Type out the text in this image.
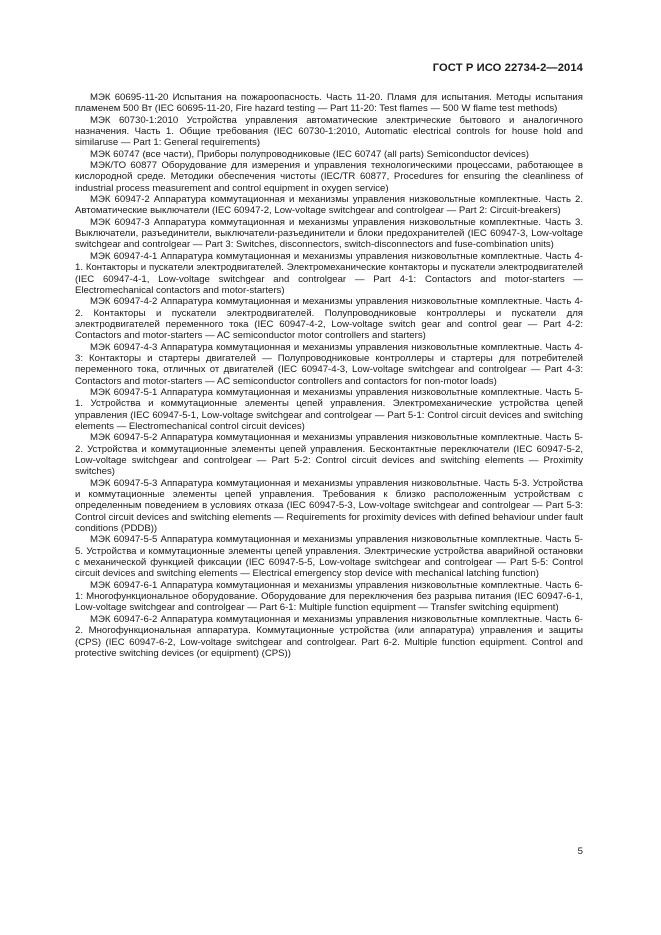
ГОСТ Р ИСО 22734-2—2014

МЭК 60695-11-20 Испытания на пожароопасность. Часть 11-20. Пламя для испытания. Методы испытания пламенем 500 Вт (IEC 60695-11-20, Fire hazard testing — Part 11-20: Test flames — 500 W flame test methods)

МЭК 60730-1:2010 Устройства управления автоматические электрические бытового и аналогичного назначения. Часть 1. Общие требования (IEC 60730-1:2010, Automatic electrical controls for house hold and similaruse — Part 1: General requirements)

МЭК 60747 (все части), Приборы полупроводниковые (IEC 60747 (all parts) Semiconductor devices)

МЭК/ТО 60877 Оборудование для измерения и управления технологическими процессами, работающее в кислородной среде. Методики обеспечения чистоты (IEC/TR 60877, Procedures for ensuring the cleanliness of industrial process measurement and control equipment in oxygen service)

МЭК 60947-2 Аппаратура коммутационная и механизмы управления низковольтные комплектные. Часть 2. Автоматические выключатели (IEC 60947-2, Low-voltage switchgear and controlgear — Part 2: Circuit-breakers)

МЭК 60947-3 Аппаратура коммутационная и механизмы управления низковольтные комплектные. Часть 3. Выключатели, разъединители, выключатели-разъединители и блоки предохранителей (IEC 60947-3, Low-voltage switchgear and controlgear — Part 3: Switches, disconnectors, switch-disconnectors and fuse-combination units)

МЭК 60947-4-1 Аппаратура коммутационная и механизмы управления низковольтные комплектные. Часть 4-1. Контакторы и пускатели электродвигателей. Электромеханические контакторы и пускатели электродвигателей (IEC 60947-4-1, Low-voltage switchgear and controlgear — Part 4-1: Contactors and motor-starters — Electromechanical contactors and motor-starters)

МЭК 60947-4-2 Аппаратура коммутационная и механизмы управления низковольтные комплектные. Часть 4-2. Контакторы и пускатели электродвигателей. Полупроводниковые контроллеры и пускатели для электродвигателей переменного тока (IEC 60947-4-2, Low-voltage switch gear and control gear — Part 4-2: Contactors and motor-starters — AC semiconductor motor controllers and starters)

МЭК 60947-4-3 Аппаратура коммутационная и механизмы управления низковольтные комплектные. Часть 4-3: Контакторы и стартеры двигателей — Полупроводниковые контроллеры и стартеры для потребителей переменного тока, отличных от двигателей (IEC 60947-4-3, Low-voltage switchgear and controlgear — Part 4-3: Contactors and motor-starters — AC semiconductor controllers and contactors for non-motor loads)

МЭК 60947-5-1 Аппаратура коммутационная и механизмы управления низковольтные комплектные. Часть 5-1. Устройства и коммутационные элементы цепей управления. Электромеханические устройства цепей управления (IEC 60947-5-1, Low-voltage switchgear and controlgear — Part 5-1: Control circuit devices and switching elements — Electromechanical control circuit devices)

МЭК 60947-5-2 Аппаратура коммутационная и механизмы управления низковольтные комплектные. Часть 5-2. Устройства и коммутационные элементы цепей управления. Бесконтактные переключатели (IEC 60947-5-2, Low-voltage switchgear and controlgear — Part 5-2: Control circuit devices and switching elements — Proximity switches)

МЭК 60947-5-3 Аппаратура коммутационная и механизмы управления низковольтные. Часть 5-3. Устройства и коммутационные элементы цепей управления. Требования к близко расположенным устройствам с определенным поведением в условиях отказа (IEC 60947-5-3, Low-voltage switchgear and controlgear — Part 5-3: Control circuit devices and switching elements — Requirements for proximity devices with defined behaviour under fault conditions (PDDB))

МЭК 60947-5-5 Аппаратура коммутационная и механизмы управления низковольтные комплектные. Часть 5-5. Устройства и коммутационные элементы цепей управления. Электрические устройства аварийной остановки с механической функцией фиксации (IEC 60947-5-5, Low-voltage switchgear and controlgear — Part 5-5: Control circuit devices and switching elements — Electrical emergency stop device with mechanical latching function)

МЭК 60947-6-1 Аппаратура коммутационная и механизмы управления низковольтные комплектные. Часть 6-1: Многофункциональное оборудование. Оборудование для переключения без разрыва питания (IEC 60947-6-1, Low-voltage switchgear and controlgear — Part 6-1: Multiple function equipment — Transfer switching equipment)

МЭК 60947-6-2 Аппаратура коммутационная и механизмы управления низковольтные комплектные. Часть 6-2. Многофункциональная аппаратура. Коммутационные устройства (или аппаратура) управления и защиты (CPS) (IEC 60947-6-2, Low-voltage switchgear and controlgear. Part 6-2. Multiple function equipment. Control and protective switching devices (or equipment) (CPS))

5
